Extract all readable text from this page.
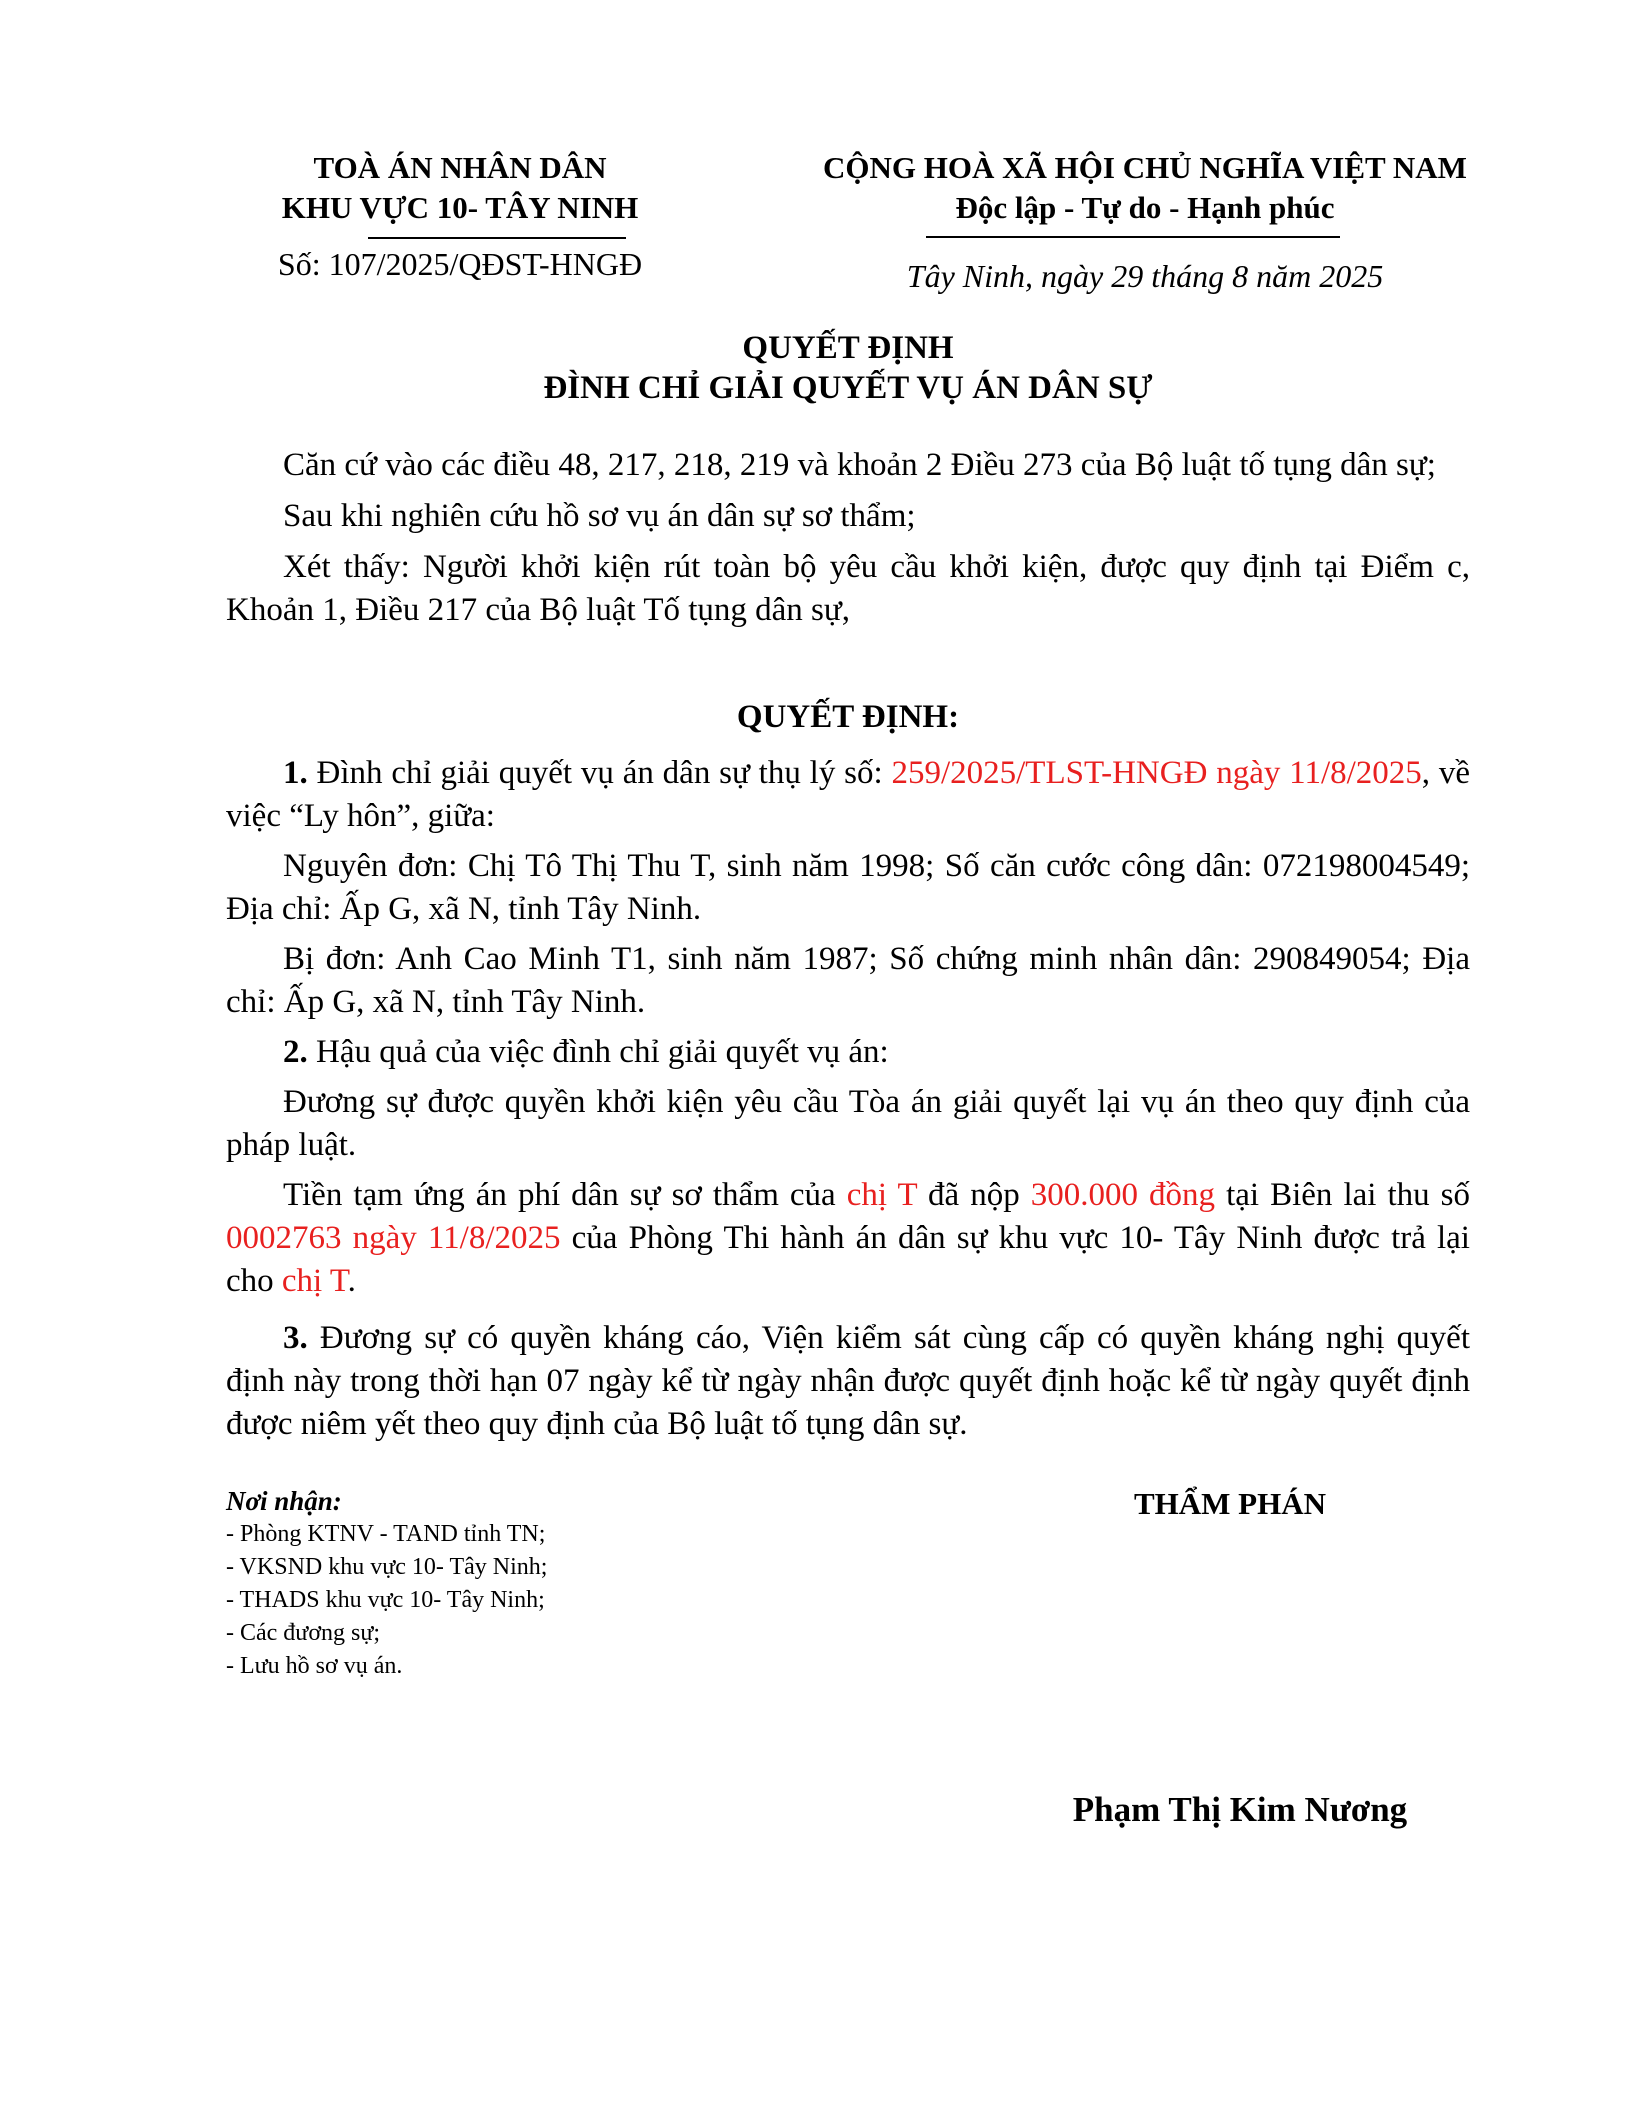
TOÀ ÁN NHÂN DÂN
KHU VỰC 10- TÂY NINH
Số: 107/2025/QĐST-HNGĐ
CỘNG HOÀ XÃ HỘI CHỦ NGHĨA VIỆT NAM
Độc lập - Tự do - Hạnh phúc
Tây Ninh, ngày 29 tháng 8 năm 2025
QUYẾT ĐỊNH
ĐÌNH CHỈ GIẢI QUYẾT VỤ ÁN DÂN SỰ

Căn cứ vào các điều 48, 217, 218, 219 và khoản 2 Điều 273 của Bộ luật tố tụng dân sự;

Sau khi nghiên cứu hồ sơ vụ án dân sự sơ thẩm;

Xét thấy: Người khởi kiện rút toàn bộ yêu cầu khởi kiện, được quy định tại Điểm c, Khoản 1, Điều 217 của Bộ luật Tố tụng dân sự,

QUYẾT ĐỊNH:

1. Đình chỉ giải quyết vụ án dân sự thụ lý số: 259/2025/TLST-HNGĐ ngày 11/8/2025, về việc “Ly hôn”, giữa:

Nguyên đơn: Chị Tô Thị Thu T, sinh năm 1998; Số căn cước công dân: 072198004549; Địa chỉ: Ấp G, xã N, tỉnh Tây Ninh.

Bị đơn: Anh Cao Minh T1, sinh năm 1987; Số chứng minh nhân dân: 290849054; Địa chỉ: Ấp G, xã N, tỉnh Tây Ninh.

2. Hậu quả của việc đình chỉ giải quyết vụ án:

Đương sự được quyền khởi kiện yêu cầu Tòa án giải quyết lại vụ án theo quy định của pháp luật.

Tiền tạm ứng án phí dân sự sơ thẩm của chị T đã nộp 300.000 đồng tại Biên lai thu số 0002763 ngày 11/8/2025 của Phòng Thi hành án dân sự khu vực 10- Tây Ninh được trả lại cho chị T.

3. Đương sự có quyền kháng cáo, Viện kiểm sát cùng cấp có quyền kháng nghị quyết định này trong thời hạn 07 ngày kể từ ngày nhận được quyết định hoặc kể từ ngày quyết định được niêm yết theo quy định của Bộ luật tố tụng dân sự.

Nơi nhận:
- Phòng KTNV - TAND tỉnh TN;
- VKSND khu vực 10- Tây Ninh;
- THADS khu vực 10- Tây Ninh;
- Các đương sự;
- Lưu hồ sơ vụ án.
THẨM PHÁN
Phạm Thị Kim Nương
